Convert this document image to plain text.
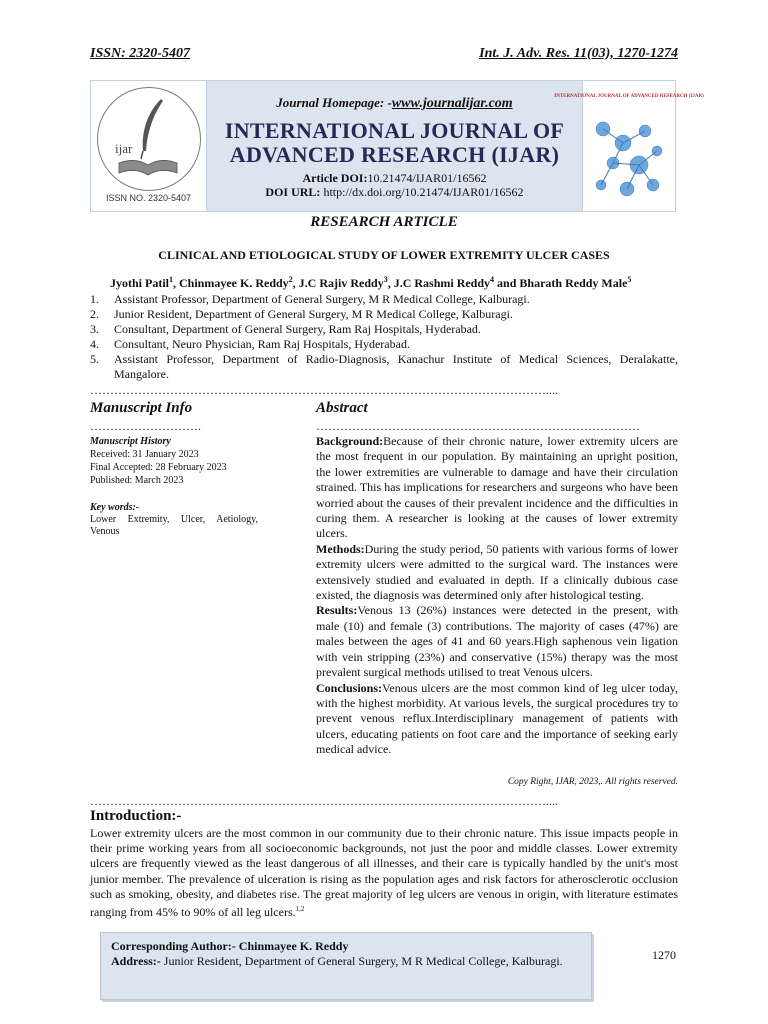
ISSN: 2320-5407	Int. J. Adv. Res. 11(03), 1270-1274
ijar
ISSN NO. 2320-5407
Journal Homepage: -www.journalijar.com
INTERNATIONAL JOURNAL OF
ADVANCED RESEARCH (IJAR)
Article DOI:10.21474/IJAR01/16562
DOI URL: http://dx.doi.org/10.21474/IJAR01/16562
INTERNATIONAL JOURNAL OF ADVANCED RESEARCH (IJAR)
RESEARCH ARTICLE
CLINICAL AND ETIOLOGICAL STUDY OF LOWER EXTREMITY ULCER CASES
Jyothi Patil$^1$, Chinmayee K. Reddy$^2$, J.C Rajiv Reddy$^3$, J.C Rashmi Reddy$^4$ and Bharath Reddy Male$^5$
1. Assistant Professor, Department of General Surgery, M R Medical College, Kalburagi.
2. Junior Resident, Department of General Surgery, M R Medical College, Kalburagi.
3. Consultant, Department of General Surgery, Ram Raj Hospitals, Hyderabad.
4. Consultant, Neuro Physician, Ram Raj Hospitals, Hyderabad.
5. Assistant Professor, Department of Radio-Diagnosis, Kanachur Institute of Medical Sciences, Deralakatte, Mangalore.
……………………………………………………………………………………………………....
Manuscript Info	Abstract
……………………….	………………………………………………………………………
Manuscript History
Received: 31 January 2023
Final Accepted: 28 February 2023
Published: March 2023
Key words:-
Lower Extremity, Ulcer, Aetiology, Venous

Background:Because of their chronic nature, lower extremity ulcers are the most frequent in our population. By maintaining an upright position, the lower extremities are vulnerable to damage and have their circulation strained. This has implications for researchers and surgeons who have been worried about the causes of their prevalent incidence and the difficulties in curing them. A researcher is looking at the causes of lower extremity ulcers.

Methods:During the study period, 50 patients with various forms of lower extremity ulcers were admitted to the surgical ward. The instances were extensively studied and evaluated in depth. If a clinically dubious case existed, the diagnosis was determined only after histological testing.

Results:Venous 13 (26%) instances were detected in the present, with male (10) and female (3) contributions. The majority of cases (47%) are males between the ages of 41 and 60 years.High saphenous vein ligation with vein stripping (23%) and conservative (15%) therapy was the most prevalent surgical methods utilised to treat Venous ulcers.

Conclusions:Venous ulcers are the most common kind of leg ulcer today, with the highest morbidity. At various levels, the surgical procedures try to prevent venous reflux.Interdisciplinary management of patients with ulcers, educating patients on foot care and the importance of seeking early medical advice.

Copy Right, IJAR, 2023,. All rights reserved.
……………………………………………………………………………………………………....
Introduction:-

Lower extremity ulcers are the most common in our community due to their chronic nature. This issue impacts people in their prime working years from all socioeconomic backgrounds, not just the poor and middle classes. Lower extremity ulcers are frequently viewed as the least dangerous of all illnesses, and their care is typically handled by the unit's most junior member. The prevalence of ulceration is rising as the population ages and risk factors for atherosclerotic occlusion such as smoking, obesity, and diabetes rise. The great majority of leg ulcers are venous in origin, with literature estimates ranging from 45% to 90% of all leg ulcers.$^{1,2}$

Corresponding Author:- Chinmayee K. Reddy
Address:- Junior Resident, Department of General Surgery, M R Medical College, Kalburagi.	1270
